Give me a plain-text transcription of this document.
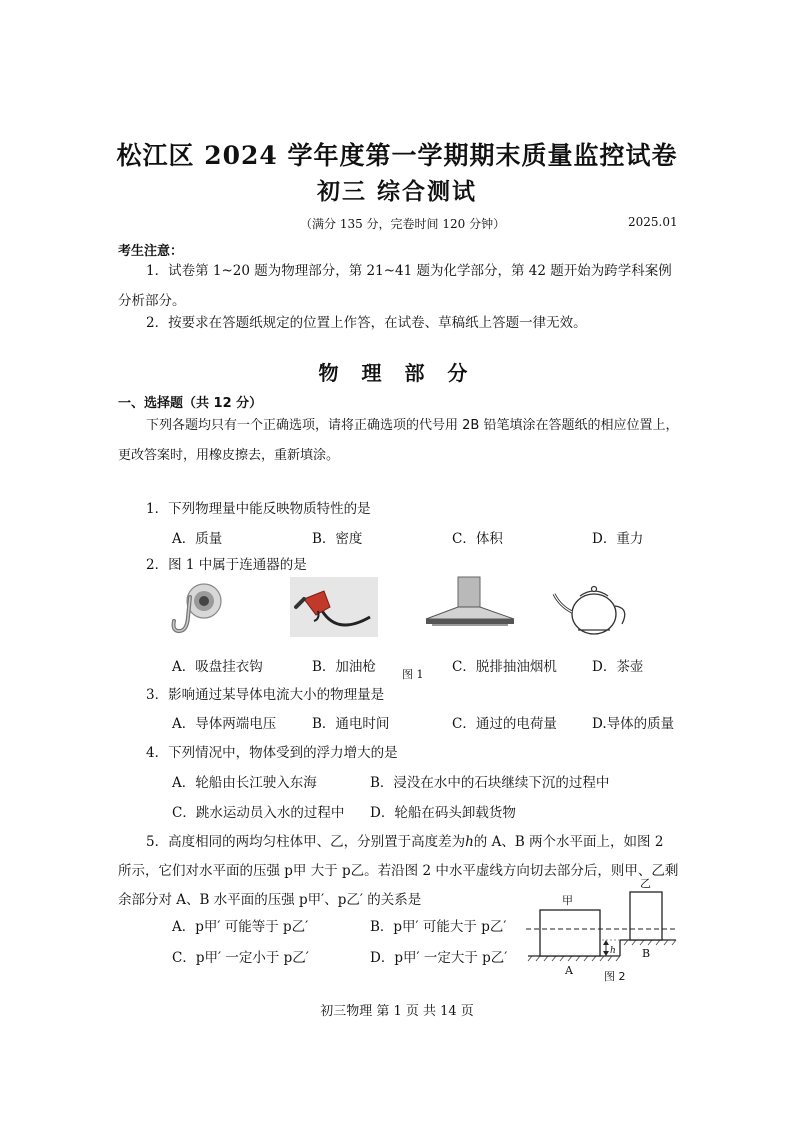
松江区 2024 学年度第一学期期末质量监控试卷
初三 综合测试
（满分 135 分，完卷时间 120 分钟）	2025.01
考生注意：
1．试卷第 1~20 题为物理部分，第 21~41 题为化学部分，第 42 题开始为跨学科案例分析部分。
2．按要求在答题纸规定的位置上作答，在试卷、草稿纸上答题一律无效。
物 理 部 分
一、选择题（共 12 分）
下列各题均只有一个正确选项，请将正确选项的代号用 2B 铅笔填涂在答题纸的相应位置上，更改答案时，用橡皮擦去，重新填涂。
1．下列物理量中能反映物质特性的是
A．质量	B．密度	C．体积	D．重力
2．图 1 中属于连通器的是
A．吸盘挂衣钩	B．加油枪 图 1 C．脱排抽油烟机	D．茶壶
3．影响通过某导体电流大小的物理量是
A．导体两端电压	B．通电时间	C．通过的电荷量	D.导体的质量
4．下列情况中，物体受到的浮力增大的是
A．轮船由长江驶入东海	B．浸没在水中的石块继续下沉的过程中
C．跳水运动员入水的过程中 D．轮船在码头卸载货物
5．高度相同的两均匀柱体甲、乙，分别置于高度差为h的 A、B 两个水平面上，如图 2
所示，它们对水平面的压强 p甲 大于 p乙。若沿图 2 中水平虚线方向切去部分后，则甲、乙剩
余部分对 A、B 水平面的压强 p甲′、p乙′ 的关系是
A．p甲′ 可能等于 p乙′	B．p甲′ 可能大于 p乙′
C．p甲′ 一定小于 p乙′	D．p甲′ 一定大于 p乙′
甲
乙
h
A
B
图 2
初三物理 第 1 页 共 14 页
